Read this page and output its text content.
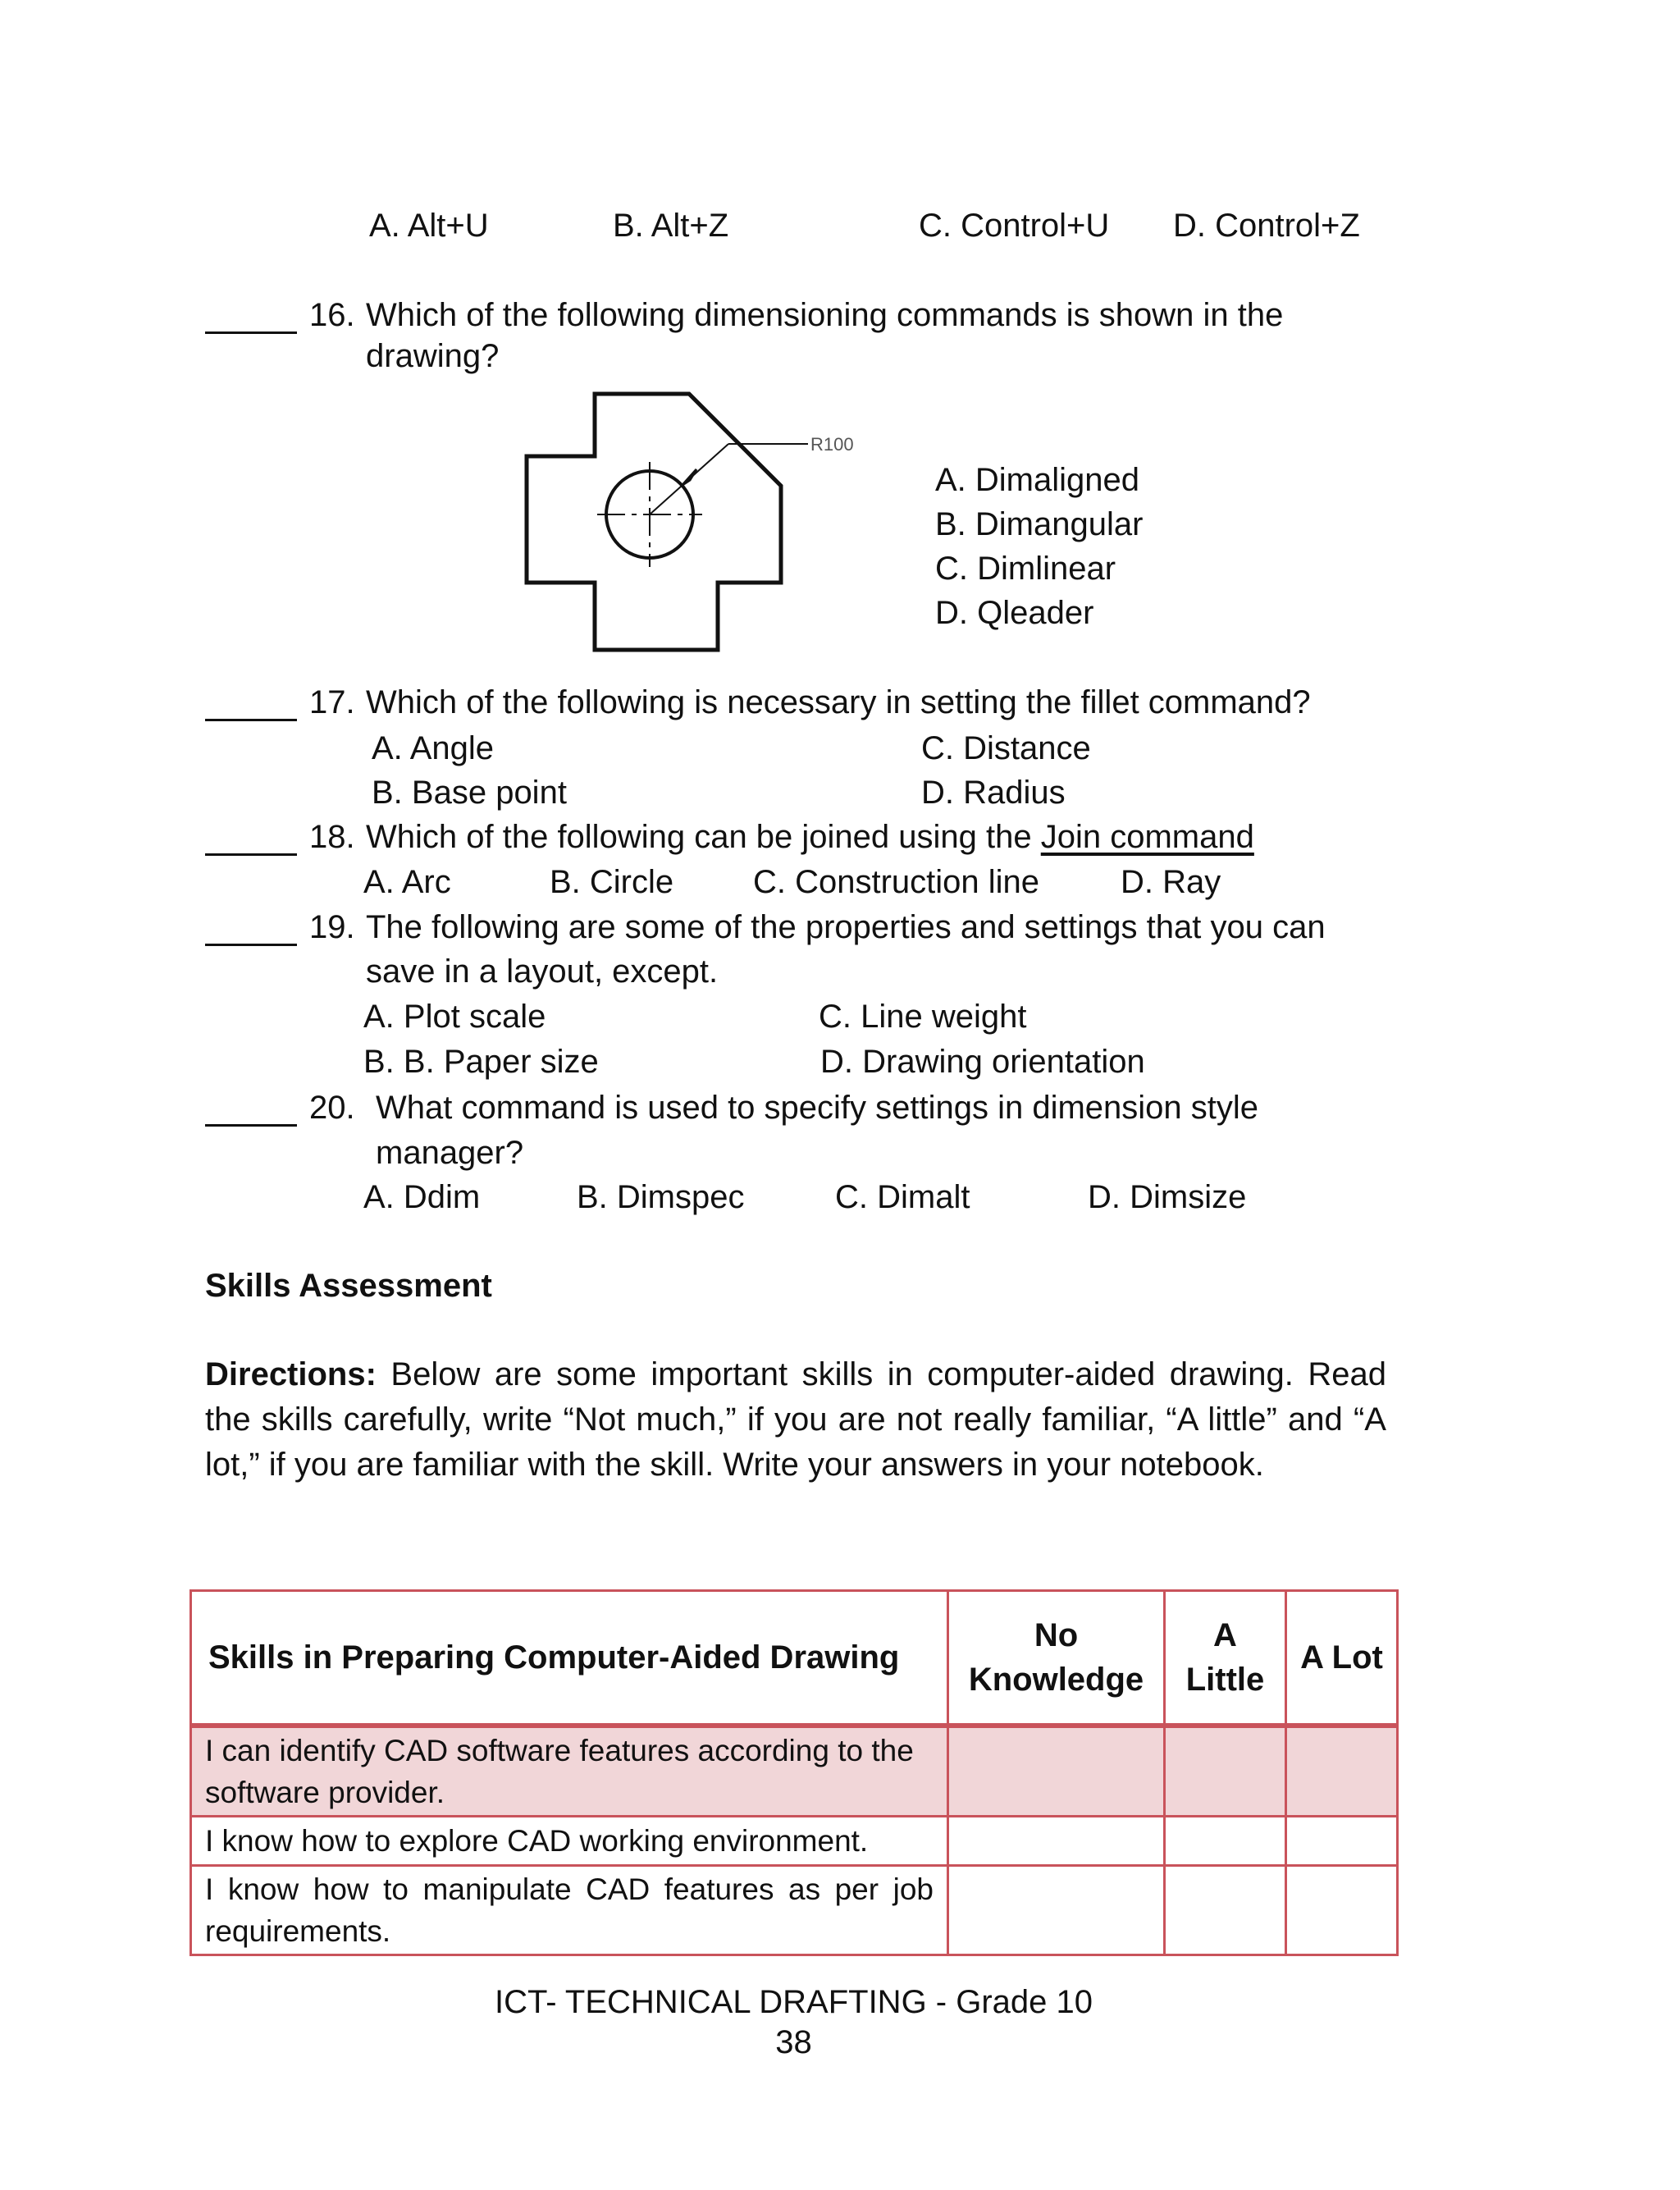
A. Alt+U	B. Alt+Z	C. Control+U D. Control+Z
16. Which of the following dimensioning commands is shown in the
drawing?
R100
A. Dimaligned
B. Dimangular
C. Dimlinear
D. Qleader
17. Which of the following is necessary in setting the fillet command?
A. Angle
B. Base point
C. Distance
D. Radius
18. Which of the following can be joined using the Join command
A. Arc	B. Circle C. Construction line D. Ray
19. The following are some of the properties and settings that you can
save in a layout, except.
A. Plot scale
B. B. Paper size
C. Line weight
D. Drawing orientation
20. What command is used to specify settings in dimension style
manager?
A. Ddim	B. Dimspec	C. Dimalt	D. Dimsize
Skills Assessment
Directions: Below are some important skills in computer-aided drawing. Read the skills carefully, write “Not much,” if you are not really familiar, “A little” and “A lot,” if you are familiar with the skill. Write your answers in your notebook.
Skills in Preparing Computer-Aided Drawing	No Knowledge	A Little	A Lot
I can identify CAD software features according to the software provider.			
I know how to explore CAD working environment.			
I know how to manipulate CAD features as per job requirements.			
ICT- TECHNICAL DRAFTING - Grade 10
38
